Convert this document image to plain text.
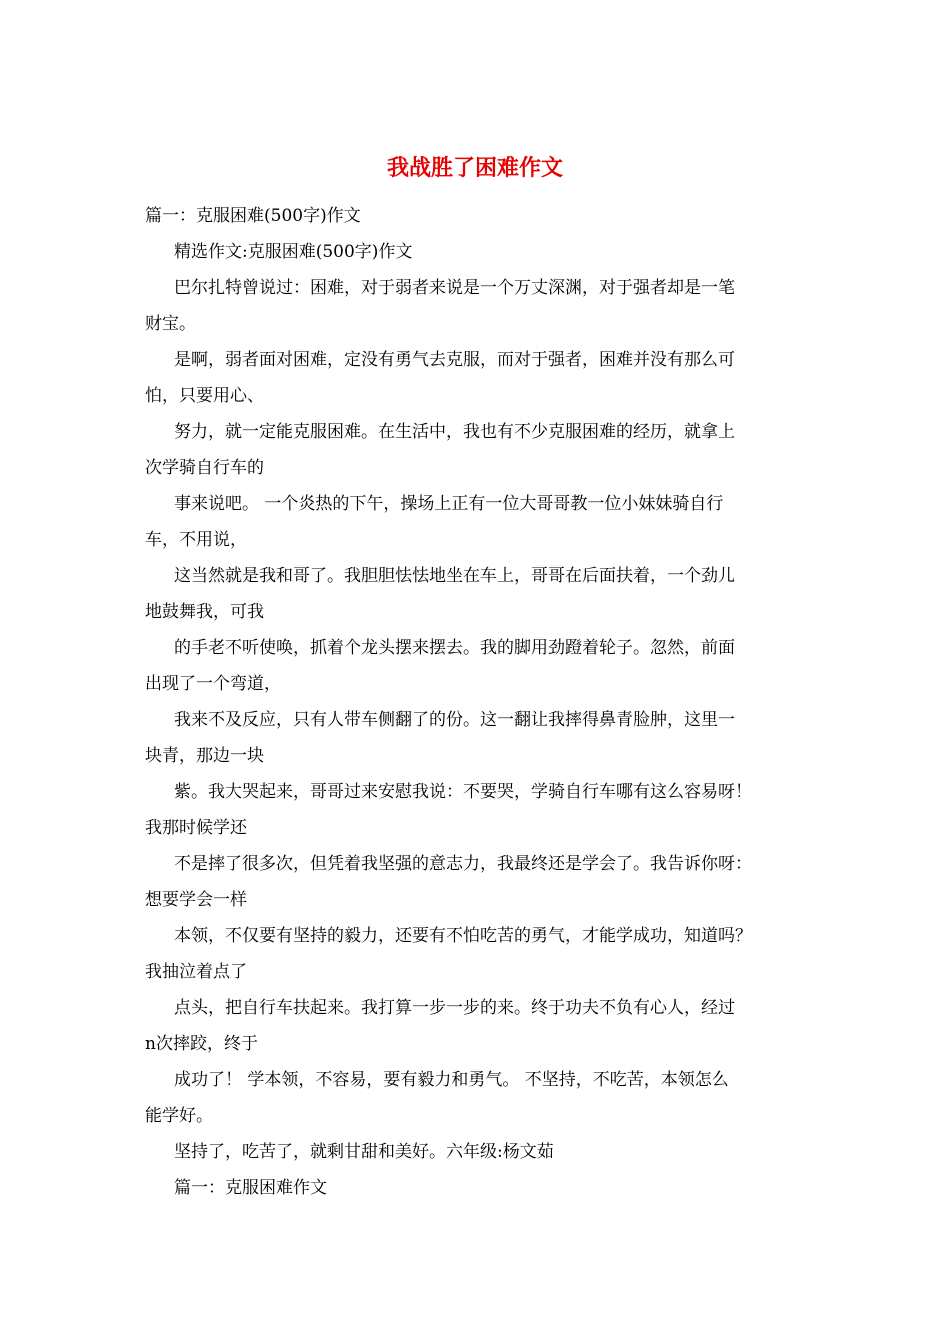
我战胜了困难作文

篇一：克服困难(500字)作文

精选作文:克服困难(500字)作文

巴尔扎特曾说过：困难，对于弱者来说是一个万丈深渊，对于强者却是一笔

财宝。

是啊，弱者面对困难，定没有勇气去克服，而对于强者，困难并没有那么可

怕，只要用心、

努力，就一定能克服困难。在生活中，我也有不少克服困难的经历，就拿上

次学骑自行车的

事来说吧。 一个炎热的下午，操场上正有一位大哥哥教一位小妹妹骑自行

车，不用说，

这当然就是我和哥了。我胆胆怯怯地坐在车上，哥哥在后面扶着，一个劲儿

地鼓舞我，可我

的手老不听使唤，抓着个龙头摆来摆去。我的脚用劲蹬着轮子。忽然，前面

出现了一个弯道，

我来不及反应，只有人带车侧翻了的份。这一翻让我摔得鼻青脸肿，这里一

块青，那边一块

紫。我大哭起来，哥哥过来安慰我说：不要哭，学骑自行车哪有这么容易呀！

我那时候学还

不是摔了很多次，但凭着我坚强的意志力，我最终还是学会了。我告诉你呀：

想要学会一样

本领，不仅要有坚持的毅力，还要有不怕吃苦的勇气，才能学成功，知道吗？

我抽泣着点了

点头，把自行车扶起来。我打算一步一步的来。终于功夫不负有心人，经过

n次摔跤，终于

成功了！ 学本领，不容易，要有毅力和勇气。 不坚持，不吃苦，本领怎么

能学好。

坚持了，吃苦了，就剩甘甜和美好。六年级:杨文茹

篇一：克服困难作文
